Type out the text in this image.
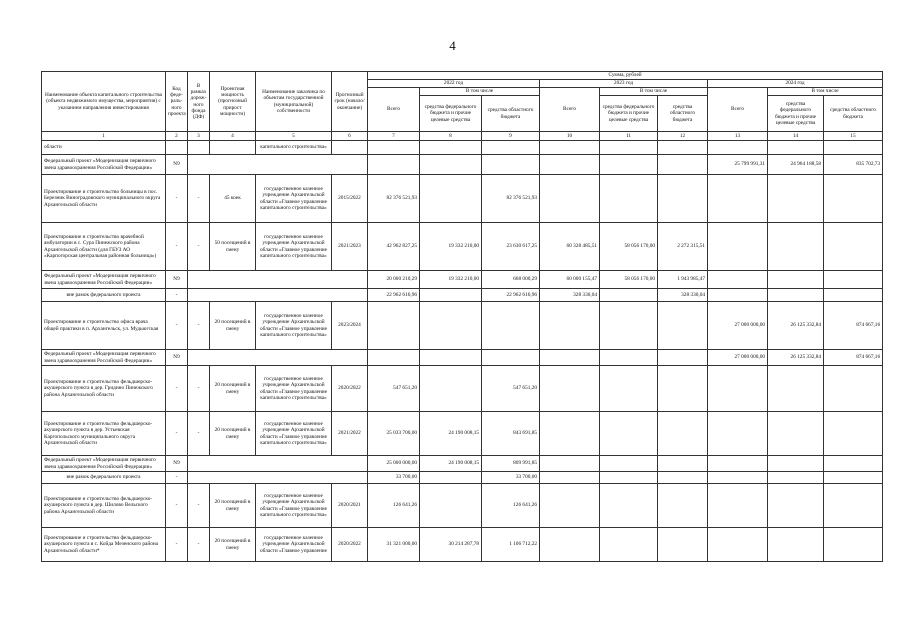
4
Наименование объекта капитального строительства (объекта недвижимого имущества, мероприятия) с указанием направления инвестирования	Код феде-раль-ного проекта	В рамках дорож-ного фонда (ДФ)	Проектная мощность (прогнозный прирост мощности)	Наименование заказчика по объектам государственной (муниципальной) собственности	Прогнозный срок (начало/окончание)	Сумма, рублей								
						2022 год			2023 год			2024 год		
						Всего	В том числе		Всего	В том числе		Всего	В том числе	
							средства федерального бюджета и прочие целевые средства	средства областного бюджета		средства федерального бюджета и прочие целевые средства	средства областного бюджета		средства федерального бюджета и прочие целевые средства	средства областного бюджета
1	2	3	4	5	6	7	8	9	10	11	12	13	14	15
области				капитального строительства»										
Федеральный проект «Модернизация первичного звена здравоохранения Российской Федерации»	N9											25 799 991,31	24 964 188,58	835 702,73
Проектирование и строительство больницы в пос. Березник Виноградовского муниципального округа Архангельской области	-	-	45 коек	государственное казенное учреждение Архангельской области «Главное управление капитального строительства»	2015/2022	82 376 521,93		82 376 521,93						
Проектирование и строительство врачебной амбулатории в с. Сура Пинежского района Архангельской области (для ГБУЗ АО «Карпогорская центральная районная больница»)	-	-	50 посещений в смену	государственное казенное учреждение Архангельской области «Главное управление капитального строительства»	2021/2023	42 962 827,25	19 332 210,00	23 630 617,25	60 328 485,51	58 056 170,00	2 272 315,51			
Федеральный проект «Модернизация первичного звена здравоохранения Российской Федерации»	N9					20 000 210,29	19 332 210,00	668 000,29	60 000 155,47	58 056 170,00	1 943 985,47			
вне рамок федерального проекта	-					22 962 616,96		22 962 616,96	328 330,04		328 330,04			
Проектирование и строительство офиса врача общей практики в п. Архангельск, ул. Мудьюгская	-	-	20 посещений в смену	государственное казенное учреждение Архангельской области «Главное управление капитального строительства»	2023/2024							27 000 000,00	26 125 332,84	874 667,16
Федеральный проект «Модернизация первичного звена здравоохранения Российской Федерации»	N9											27 000 000,00	26 125 332,84	874 667,16
Проектирование и строительство фельдшерско-акушерского пункта в дер. Гридино Пинежского района Архангельской области	-	-	20 посещений в смену	государственное казенное учреждение Архангельской области «Главное управление капитального строительства»	2020/2022	547 651,20		547 651,20						
Проектирование и строительство фельдшерско-акушерского пункта в дер. Устьевская Каргопольского муниципального округа Архангельской области	-	-	20 посещений в смену	государственное казенное учреждение Архангельской области «Главное управление капитального строительства»	2021/2022	25 033 700,00	24 190 008,15	843 691,85						
Федеральный проект «Модернизация первичного звена здравоохранения Российской Федерации»	N9					25 000 000,00	24 190 008,15	809 991,85						
вне рамок федерального проекта	-					33 700,00		33 700,00						
Проектирование и строительство фельдшерско-акушерского пункта в дер. Шилово Вельского района Архангельской области	-	-	20 посещений в смену	государственное казенное учреждение Архангельской области «Главное управление капитального строительства»	2020/2021	126 641,26		126 641,26						
Проектирование и строительство фельдшерско-акушерского пункта в с. Койда Мезенского района Архангельской области*	-	-	20 посещений в смену	государственное казенное учреждение Архангельской области «Главное управление	2020/2022	31 321 000,00	30 214 287,78	1 106 712,22						
